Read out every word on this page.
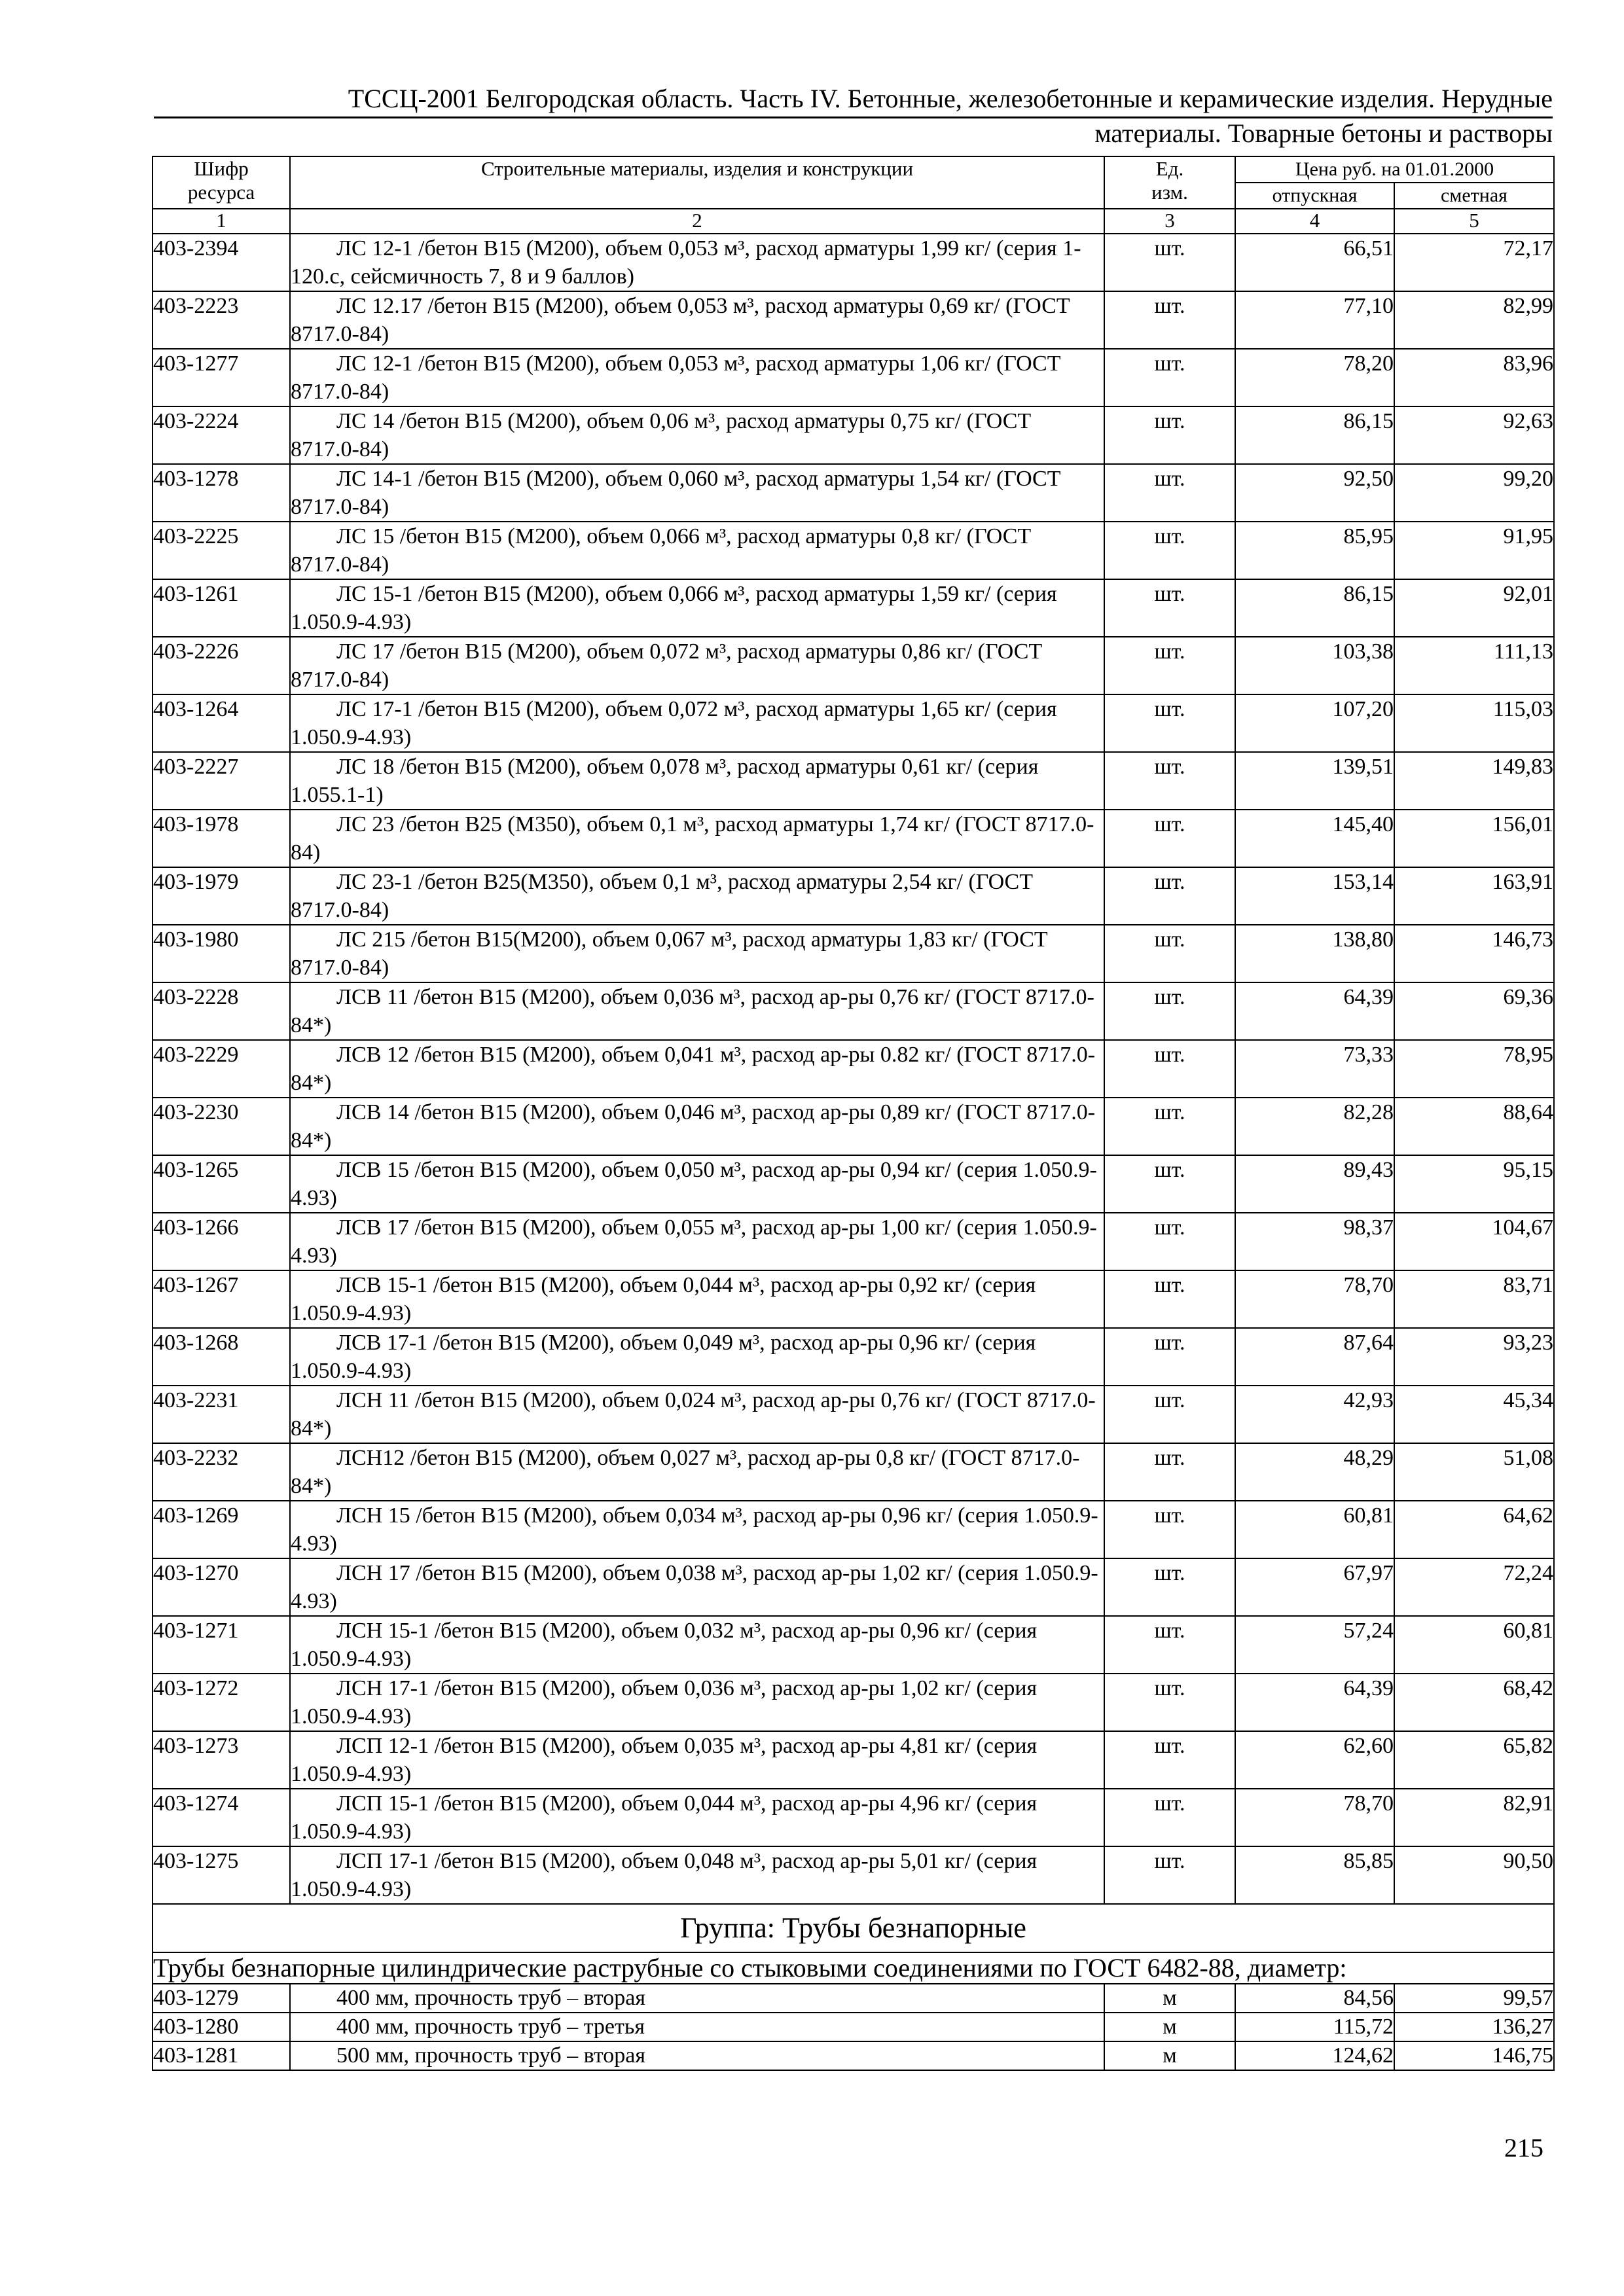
ТССЦ-2001 Белгородская область. Часть IV. Бетонные, железобетонные и керамические изделия. Нерудные
материалы. Товарные бетоны и растворы
Шифр ресурса	Строительные материалы, изделия и конструкции	Ед. изм.	Цена руб. на 01.01.2000	
			отпускная	сметная
1	2	3	4	5
403-2394	ЛС 12-1 /бетон В15 (М200), объем 0,053 м³, расход арматуры 1,99 кг/ (серия 1-120.с, сейсмичность 7, 8 и 9 баллов)	шт.	66,51	72,17
403-2223	ЛС 12.17 /бетон В15 (М200), объем 0,053 м³, расход арматуры 0,69 кг/ (ГОСТ 8717.0-84)	шт.	77,10	82,99
403-1277	ЛС 12-1 /бетон В15 (М200), объем 0,053 м³, расход арматуры 1,06 кг/ (ГОСТ 8717.0-84)	шт.	78,20	83,96
403-2224	ЛС 14 /бетон В15 (М200), объем 0,06 м³, расход арматуры 0,75 кг/ (ГОСТ 8717.0-84)	шт.	86,15	92,63
403-1278	ЛС 14-1 /бетон В15 (М200), объем 0,060 м³, расход арматуры 1,54 кг/ (ГОСТ 8717.0-84)	шт.	92,50	99,20
403-2225	ЛС 15 /бетон В15 (М200), объем 0,066 м³, расход арматуры 0,8 кг/ (ГОСТ 8717.0-84)	шт.	85,95	91,95
403-1261	ЛС 15-1 /бетон В15 (М200), объем 0,066 м³, расход арматуры 1,59 кг/ (серия 1.050.9-4.93)	шт.	86,15	92,01
403-2226	ЛС 17 /бетон В15 (М200), объем 0,072 м³, расход арматуры 0,86 кг/ (ГОСТ 8717.0-84)	шт.	103,38	111,13
403-1264	ЛС 17-1 /бетон В15 (М200), объем 0,072 м³, расход арматуры 1,65 кг/ (серия 1.050.9-4.93)	шт.	107,20	115,03
403-2227	ЛС 18 /бетон В15 (М200), объем 0,078 м³, расход арматуры 0,61 кг/ (серия 1.055.1-1)	шт.	139,51	149,83
403-1978	ЛС 23 /бетон В25 (М350), объем 0,1 м³, расход арматуры 1,74 кг/ (ГОСТ 8717.0-84)	шт.	145,40	156,01
403-1979	ЛС 23-1 /бетон В25(М350), объем 0,1 м³, расход арматуры 2,54 кг/ (ГОСТ 8717.0-84)	шт.	153,14	163,91
403-1980	ЛС 215 /бетон В15(М200), объем 0,067 м³, расход арматуры 1,83 кг/ (ГОСТ 8717.0-84)	шт.	138,80	146,73
403-2228	ЛСВ 11 /бетон В15 (М200), объем 0,036 м³, расход ар-ры 0,76 кг/ (ГОСТ 8717.0-84*)	шт.	64,39	69,36
403-2229	ЛСВ 12 /бетон В15 (М200), объем 0,041 м³, расход ар-ры 0.82 кг/ (ГОСТ 8717.0-84*)	шт.	73,33	78,95
403-2230	ЛСВ 14 /бетон В15 (М200), объем 0,046 м³, расход ар-ры 0,89 кг/ (ГОСТ 8717.0-84*)	шт.	82,28	88,64
403-1265	ЛСВ 15 /бетон В15 (М200), объем 0,050 м³, расход ар-ры 0,94 кг/ (серия 1.050.9-4.93)	шт.	89,43	95,15
403-1266	ЛСВ 17 /бетон В15 (М200), объем 0,055 м³, расход ар-ры 1,00 кг/ (серия 1.050.9-4.93)	шт.	98,37	104,67
403-1267	ЛСВ 15-1 /бетон В15 (М200), объем 0,044 м³, расход ар-ры 0,92 кг/ (серия 1.050.9-4.93)	шт.	78,70	83,71
403-1268	ЛСВ 17-1 /бетон В15 (М200), объем 0,049 м³, расход ар-ры 0,96 кг/ (серия 1.050.9-4.93)	шт.	87,64	93,23
403-2231	ЛСН 11 /бетон В15 (М200), объем 0,024 м³, расход ар-ры 0,76 кг/ (ГОСТ 8717.0-84*)	шт.	42,93	45,34
403-2232	ЛСН12 /бетон В15 (М200), объем 0,027 м³, расход ар-ры 0,8 кг/ (ГОСТ 8717.0-84*)	шт.	48,29	51,08
403-1269	ЛСН 15 /бетон В15 (М200), объем 0,034 м³, расход ар-ры 0,96 кг/ (серия 1.050.9-4.93)	шт.	60,81	64,62
403-1270	ЛСН 17 /бетон В15 (М200), объем 0,038 м³, расход ар-ры 1,02 кг/ (серия 1.050.9-4.93)	шт.	67,97	72,24
403-1271	ЛСН 15-1 /бетон В15 (М200), объем 0,032 м³, расход ар-ры 0,96 кг/ (серия 1.050.9-4.93)	шт.	57,24	60,81
403-1272	ЛСН 17-1 /бетон В15 (М200), объем 0,036 м³, расход ар-ры 1,02 кг/ (серия 1.050.9-4.93)	шт.	64,39	68,42
403-1273	ЛСП 12-1 /бетон В15 (М200), объем 0,035 м³, расход ар-ры 4,81 кг/ (серия 1.050.9-4.93)	шт.	62,60	65,82
403-1274	ЛСП 15-1 /бетон В15 (М200), объем 0,044 м³, расход ар-ры 4,96 кг/ (серия 1.050.9-4.93)	шт.	78,70	82,91
403-1275	ЛСП 17-1 /бетон В15 (М200), объем 0,048 м³, расход ар-ры 5,01 кг/ (серия 1.050.9-4.93)	шт.	85,85	90,50
Группа: Трубы безнапорные				
Трубы безнапорные цилиндрические раструбные со стыковыми соединениями по ГОСТ 6482-88, диаметр:				
403-1279	400 мм, прочность труб – вторая	м	84,56	99,57
403-1280	400 мм, прочность труб – третья	м	115,72	136,27
403-1281	500 мм, прочность труб – вторая	м	124,62	146,75
215
